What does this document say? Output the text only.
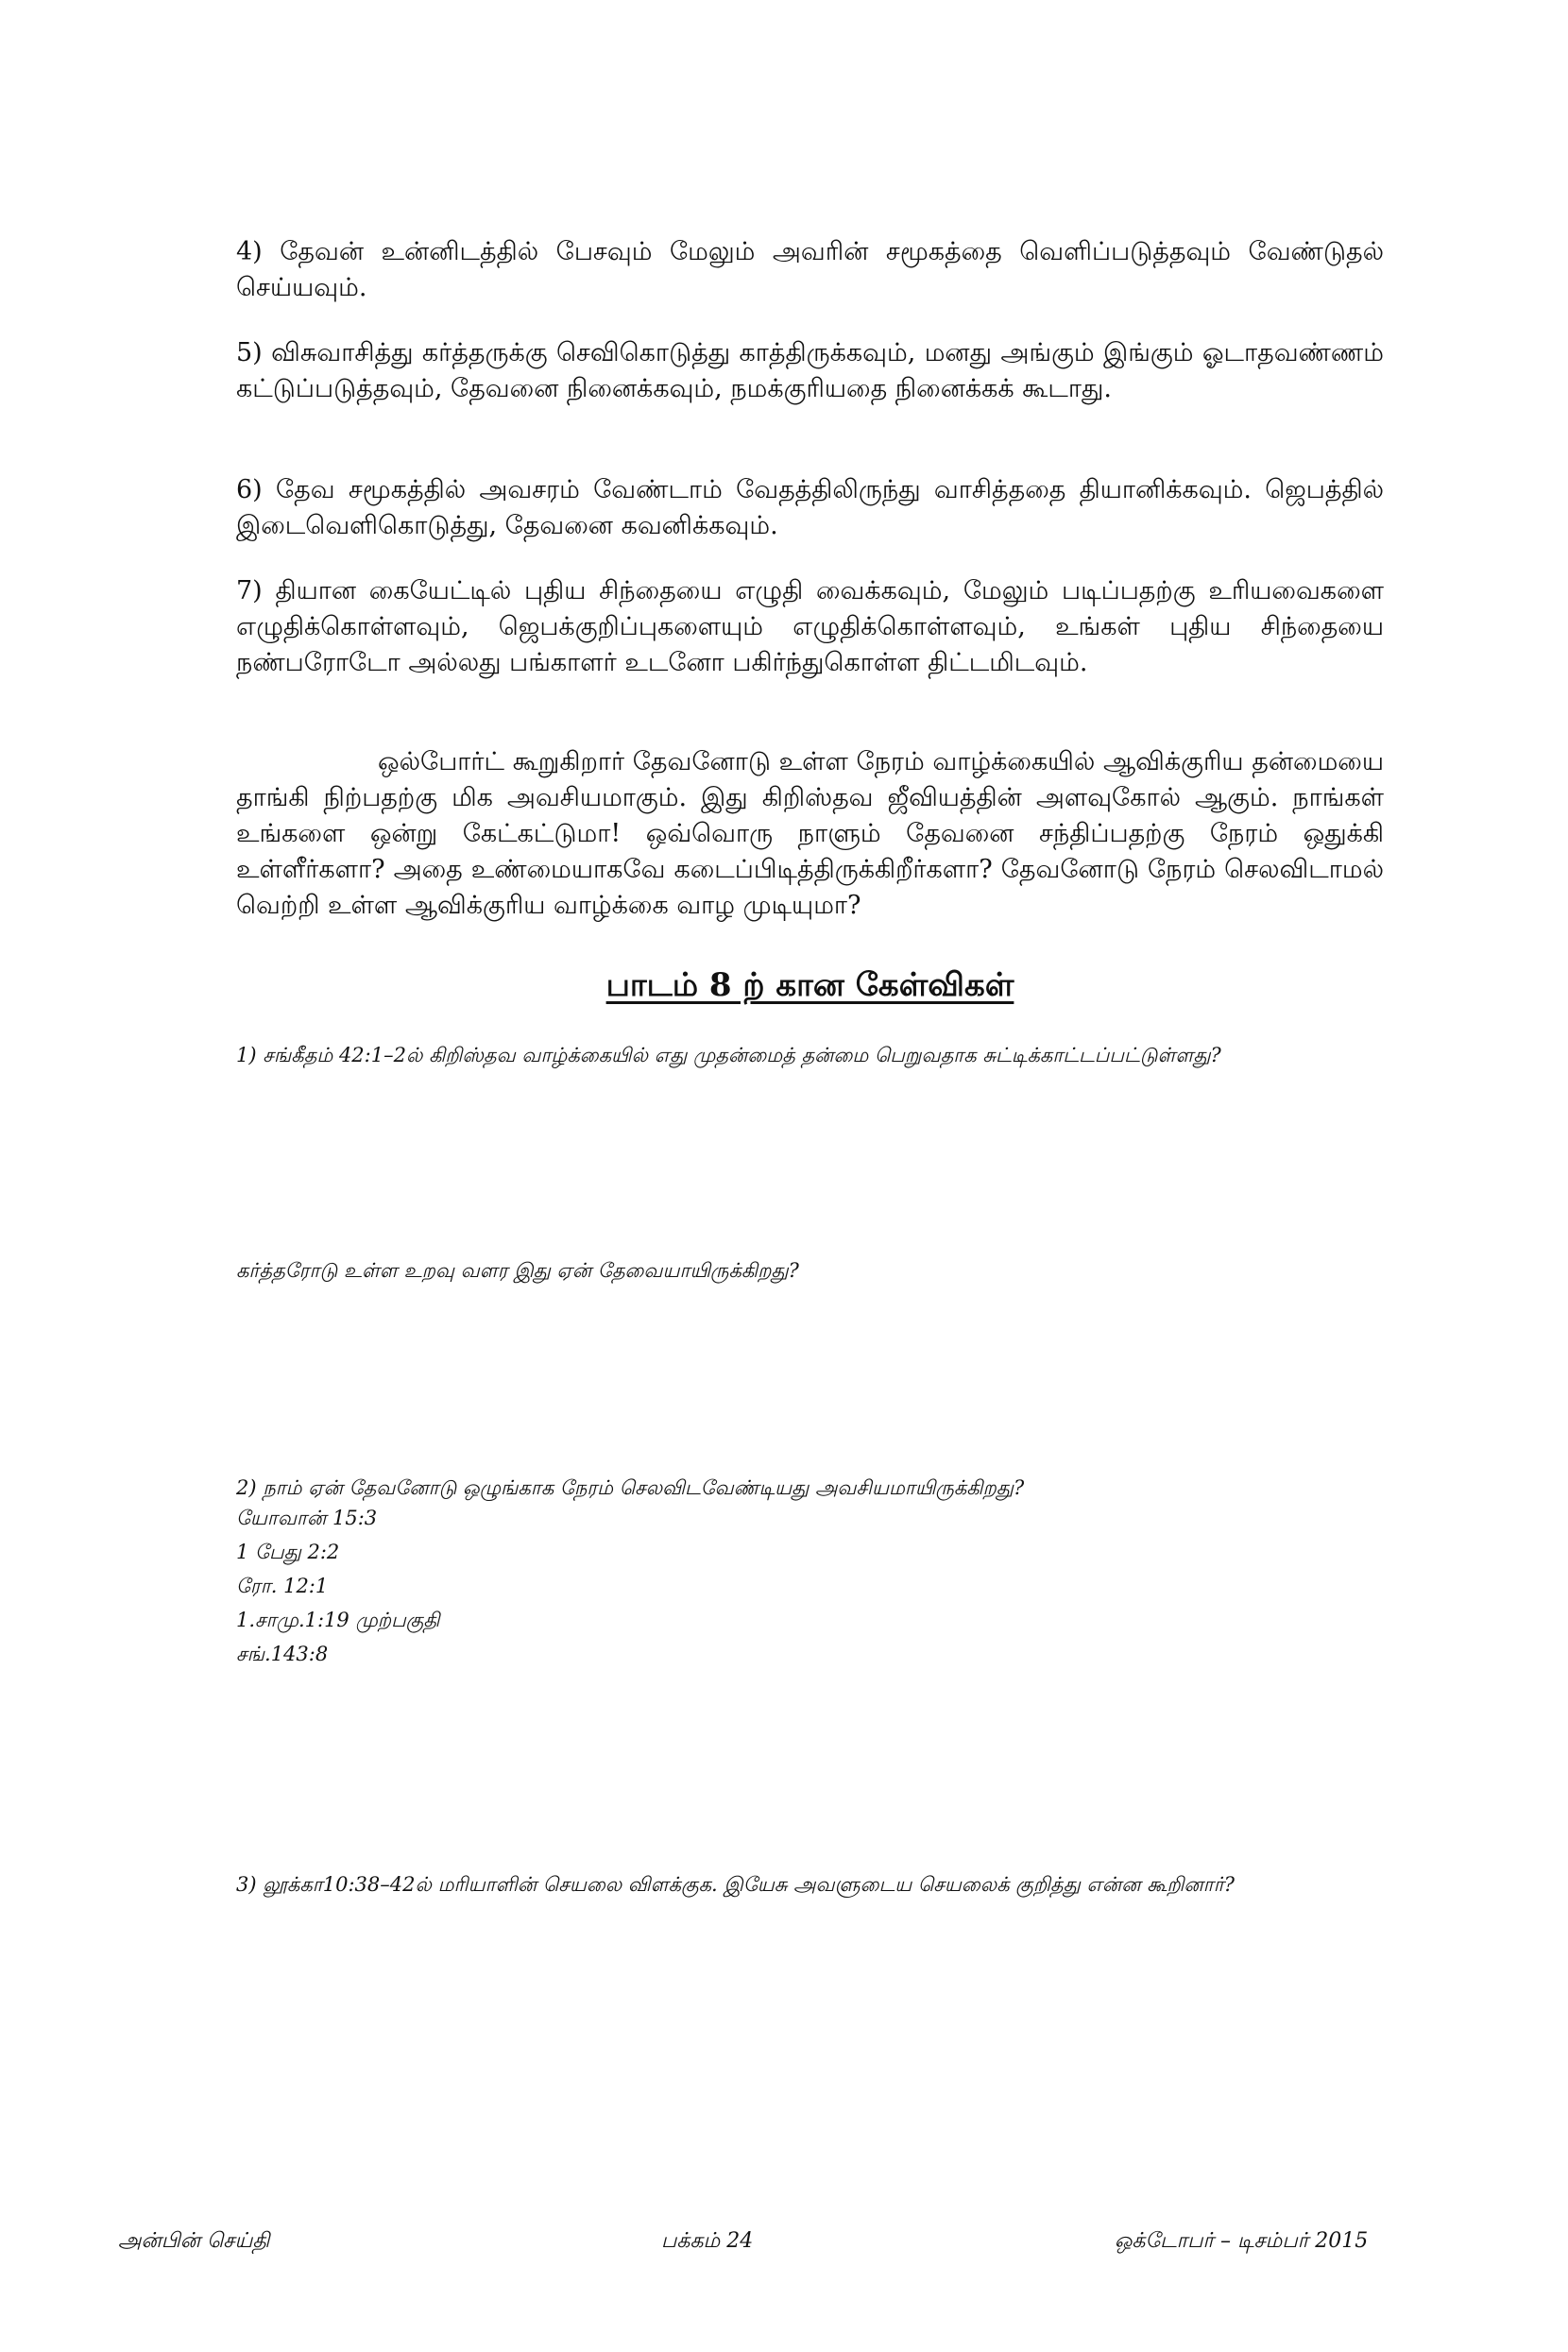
4) தேவன் உன்னிடத்தில் பேசவும் மேலும் அவரின் சமூகத்தை வெளிப்படுத்தவும் வேண்டுதல் செய்யவும்.
5) விசுவாசித்து கர்த்தருக்கு செவிகொடுத்து காத்திருக்கவும், மனது அங்கும் இங்கும் ஓடாதவண்ணம் கட்டுப்படுத்தவும், தேவனை நினைக்கவும், நமக்குரியதை நினைக்கக் கூடாது.
6) தேவ சமூகத்தில் அவசரம் வேண்டாம் வேதத்திலிருந்து வாசித்ததை தியானிக்கவும். ஜெபத்தில் இடைவெளிகொடுத்து, தேவனை கவனிக்கவும்.
7) தியான கையேட்டில் புதிய சிந்தையை எழுதி வைக்கவும், மேலும் படிப்பதற்கு உரியவைகளை எழுதிக்கொள்ளவும், ஜெபக்குறிப்புகளையும் எழுதிக்கொள்ளவும், உங்கள் புதிய சிந்தையை நண்பரோடோ அல்லது பங்காளர் உடனோ பகிர்ந்துகொள்ள திட்டமிடவும்.
ஒல்போர்ட் கூறுகிறார் தேவனோடு உள்ள நேரம் வாழ்க்கையில் ஆவிக்குரிய தன்மையை தாங்கி நிற்பதற்கு மிக அவசியமாகும். இது கிறிஸ்தவ ஜீவியத்தின் அளவுகோல் ஆகும். நாங்கள் உங்களை ஒன்று கேட்கட்டுமா! ஒவ்வொரு நாளும் தேவனை சந்திப்பதற்கு நேரம் ஒதுக்கி உள்ளீர்களா? அதை உண்மையாகவே கடைப்பிடித்திருக்கிறீர்களா? தேவனோடு நேரம் செலவிடாமல் வெற்றி உள்ள ஆவிக்குரிய வாழ்க்கை வாழ முடியுமா?
பாடம் 8 ற் கான கேள்விகள்
1) சங்கீதம் 42:1–2ல் கிறிஸ்தவ வாழ்க்கையில் எது முதன்மைத் தன்மை பெறுவதாக சுட்டிக்காட்டப்பட்டுள்ளது?
கர்த்தரோடு உள்ள உறவு வளர இது ஏன் தேவையாயிருக்கிறது?
2) நாம் ஏன் தேவனோடு ஒழுங்காக நேரம் செலவிடவேண்டியது அவசியமாயிருக்கிறது?
யோவான் 15:3
1 பேது 2:2
ரோ. 12:1
1.சாமு.1:19 முற்பகுதி
சங்.143:8
3) லூக்கா10:38–42ல் மரியாளின் செயலை விளக்குக. இயேசு அவளுடைய செயலைக் குறித்து என்ன கூறினார்?
அன்பின் செய்தி	பக்கம் 24	ஒக்டோபர் – டிசம்பர் 2015
